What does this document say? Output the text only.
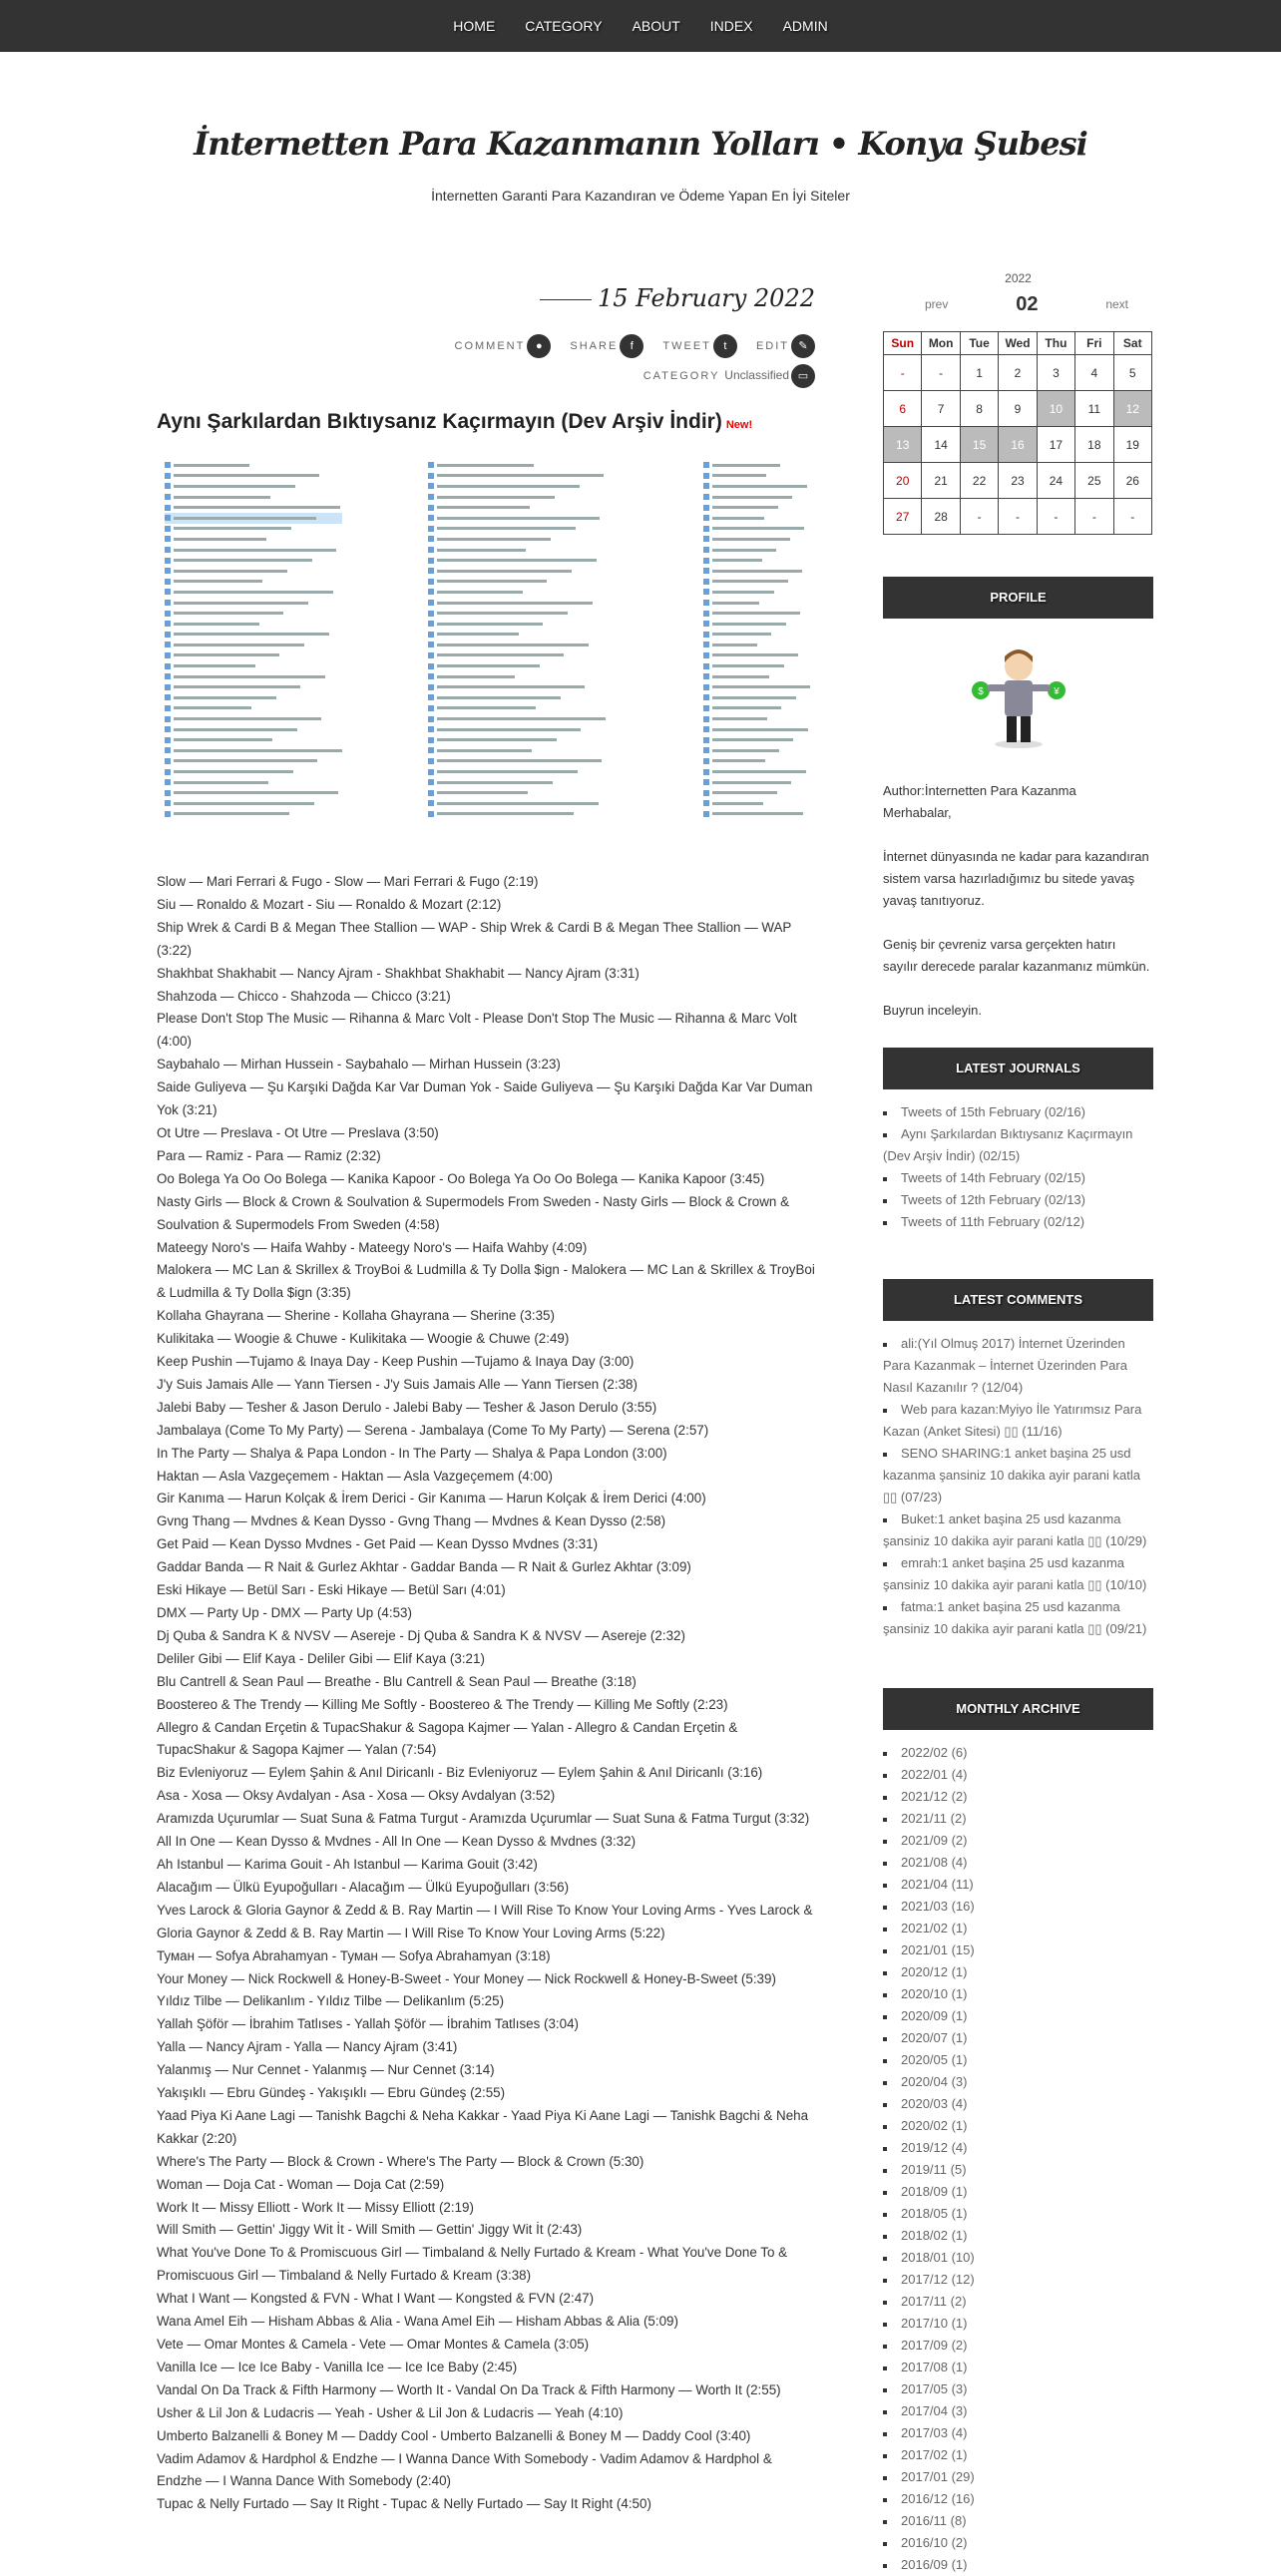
HOME CATEGORY ABOUT INDEX ADMIN
İnternetten Para Kazanmanın Yolları • Konya Şubesi
İnternetten Garanti Para Kazandıran ve Ödeme Yapan En İyi Siteler
15 February 2022
COMMENT ●	SHARE f	TWEET t	EDIT ✎
CATEGORY Unclassified ▭
Aynı Şarkılardan Bıktıysanız Kaçırmayın (Dev Arşiv İndir) New!
Slow — Mari Ferrari & Fugo - Slow — Mari Ferrari & Fugo (2:19)
Siu — Ronaldo & Mozart - Siu — Ronaldo & Mozart (2:12)
Ship Wrek & Cardi B & Megan Thee Stallion — WAP - Ship Wrek & Cardi B & Megan Thee Stallion — WAP (3:22)
Shakhbat Shakhabit — Nancy Ajram - Shakhbat Shakhabit — Nancy Ajram (3:31)
Shahzoda — Chicco - Shahzoda — Chicco (3:21)
Please Don't Stop The Music — Rihanna & Marc Volt - Please Don't Stop The Music — Rihanna & Marc Volt (4:00)
Saybahalo — Mirhan Hussein - Saybahalo — Mirhan Hussein (3:23)
Saide Guliyeva — Şu Karşıki Dağda Kar Var Duman Yok - Saide Guliyeva — Şu Karşıki Dağda Kar Var Duman Yok (3:21)
Ot Utre — Preslava - Ot Utre — Preslava (3:50)
Para — Ramiz - Para — Ramiz (2:32)
Oo Bolega Ya Oo Oo Bolega — Kanika Kapoor - Oo Bolega Ya Oo Oo Bolega — Kanika Kapoor (3:45)
Nasty Girls — Block & Crown & Soulvation & Supermodels From Sweden - Nasty Girls — Block & Crown & Soulvation & Supermodels From Sweden (4:58)
Mateegy Noro's — Haifa Wahby - Mateegy Noro's — Haifa Wahby (4:09)
Malokera — MC Lan & Skrillex & TroyBoi & Ludmilla & Ty Dolla $ign - Malokera — MC Lan & Skrillex & TroyBoi & Ludmilla & Ty Dolla $ign (3:35)
Kollaha Ghayrana — Sherine - Kollaha Ghayrana — Sherine (3:35)
Kulikitaka — Woogie & Chuwe - Kulikitaka — Woogie & Chuwe (2:49)
Keep Pushin —Tujamo & Inaya Day - Keep Pushin —Tujamo & Inaya Day (3:00)
J'y Suis Jamais Alle — Yann Tiersen - J'y Suis Jamais Alle — Yann Tiersen (2:38)
Jalebi Baby — Tesher & Jason Derulo - Jalebi Baby — Tesher & Jason Derulo (3:55)
Jambalaya (Come To My Party) — Serena - Jambalaya (Come To My Party) — Serena (2:57)
In The Party — Shalya & Papa London - In The Party — Shalya & Papa London (3:00)
Haktan — Asla Vazgeçemem - Haktan — Asla Vazgeçemem (4:00)
Gir Kanıma — Harun Kolçak & İrem Derici - Gir Kanıma — Harun Kolçak & İrem Derici (4:00)
Gvng Thang — Mvdnes & Kean Dysso - Gvng Thang — Mvdnes & Kean Dysso (2:58)
Get Paid — Kean Dysso Mvdnes - Get Paid — Kean Dysso Mvdnes (3:31)
Gaddar Banda — R Nait & Gurlez Akhtar - Gaddar Banda — R Nait & Gurlez Akhtar (3:09)
Eski Hikaye — Betül Sarı - Eski Hikaye — Betül Sarı (4:01)
DMX — Party Up - DMX — Party Up (4:53)
Dj Quba & Sandra K & NVSV — Asereje - Dj Quba & Sandra K & NVSV — Asereje (2:32)
Deliler Gibi — Elif Kaya - Deliler Gibi — Elif Kaya (3:21)
Blu Cantrell & Sean Paul — Breathe - Blu Cantrell & Sean Paul — Breathe (3:18)
Boostereo & The Trendy — Killing Me Softly - Boostereo & The Trendy — Killing Me Softly (2:23)
Allegro & Candan Erçetin & TupacShakur & Sagopa Kajmer — Yalan - Allegro & Candan Erçetin & TupacShakur & Sagopa Kajmer — Yalan (7:54)
Biz Evleniyoruz — Eylem Şahin & Anıl Diricanlı - Biz Evleniyoruz — Eylem Şahin & Anıl Diricanlı (3:16)
Asa - Xosa — Oksy Avdalyan - Asa - Xosa — Oksy Avdalyan (3:52)
Aramızda Uçurumlar — Suat Suna & Fatma Turgut - Aramızda Uçurumlar — Suat Suna & Fatma Turgut (3:32)
All In One — Kean Dysso & Mvdnes - All In One — Kean Dysso & Mvdnes (3:32)
Ah Istanbul — Karima Gouit - Ah Istanbul — Karima Gouit (3:42)
Alacağım — Ülkü Eyupoğulları - Alacağım — Ülkü Eyupoğulları (3:56)
Yves Larock & Gloria Gaynor & Zedd & B. Ray Martin — I Will Rise To Know Your Loving Arms - Yves Larock & Gloria Gaynor & Zedd & B. Ray Martin — I Will Rise To Know Your Loving Arms (5:22)
Туман — Sofya Abrahamyan - Туман — Sofya Abrahamyan (3:18)
Your Money — Nick Rockwell & Honey-B-Sweet - Your Money — Nick Rockwell & Honey-B-Sweet (5:39)
Yıldız Tilbe — Delikanlım - Yıldız Tilbe — Delikanlım (5:25)
Yallah Şöför — İbrahim Tatlıses - Yallah Şöför — İbrahim Tatlıses (3:04)
Yalla — Nancy Ajram - Yalla — Nancy Ajram (3:41)
Yalanmış — Nur Cennet - Yalanmış — Nur Cennet (3:14)
Yakışıklı — Ebru Gündeş - Yakışıklı — Ebru Gündeş (2:55)
Yaad Piya Ki Aane Lagi — Tanishk Bagchi & Neha Kakkar - Yaad Piya Ki Aane Lagi — Tanishk Bagchi & Neha Kakkar (2:20)
Where's The Party — Block & Crown - Where's The Party — Block & Crown (5:30)
Woman — Doja Cat - Woman — Doja Cat (2:59)
Work It — Missy Elliott - Work It — Missy Elliott (2:19)
Will Smith — Gettin' Jiggy Wit İt - Will Smith — Gettin' Jiggy Wit İt (2:43)
What You've Done To & Promiscuous Girl — Timbaland & Nelly Furtado & Kream - What You've Done To & Promiscuous Girl — Timbaland & Nelly Furtado & Kream (3:38)
What I Want — Kongsted & FVN - What I Want — Kongsted & FVN (2:47)
Wana Amel Eih — Hisham Abbas & Alia - Wana Amel Eih — Hisham Abbas & Alia (5:09)
Vete — Omar Montes & Camela - Vete — Omar Montes & Camela (3:05)
Vanilla Ice — Ice Ice Baby - Vanilla Ice — Ice Ice Baby (2:45)
Vandal On Da Track & Fifth Harmony — Worth It - Vandal On Da Track & Fifth Harmony — Worth It (2:55)
Usher & Lil Jon & Ludacris — Yeah - Usher & Lil Jon & Ludacris — Yeah (4:10)
Umberto Balzanelli & Boney M — Daddy Cool - Umberto Balzanelli & Boney M — Daddy Cool (3:40)
Vadim Adamov & Hardphol & Endzhe — I Wanna Dance With Somebody - Vadim Adamov & Hardphol & Endzhe — I Wanna Dance With Somebody (2:40)
Tupac & Nelly Furtado — Say It Right - Tupac & Nelly Furtado — Say It Right (4:50)
2022
prev	02	next
Sun	Mon	Tue	Wed	Thu	Fri	Sat
-	-	1	2	3	4	5
6	7	8	9	10	11	12
13	14	15	16	17	18	19
20	21	22	23	24	25	26
27	28	-	-	-	-	-
PROFILE
$	¥
Author:İnternetten Para Kazanma

Merhabalar,

İnternet dünyasında ne kadar para kazandıran sistem varsa hazırladığımız bu sitede yavaş yavaş tanıtıyoruz.

Geniş bir çevreniz varsa gerçekten hatırı sayılır derecede paralar kazanmanız mümkün.

Buyrun inceleyin.

LATEST JOURNALS
Tweets of 15th February (02/16)
Aynı Şarkılardan Bıktıysanız Kaçırmayın (Dev Arşiv İndir) (02/15)
Tweets of 14th February (02/15)
Tweets of 12th February (02/13)
Tweets of 11th February (02/12)
LATEST COMMENTS
ali:(Yıl Olmuş 2017) İnternet Üzerinden Para Kazanmak – İnternet Üzerinden Para Nasıl Kazanılır ? (12/04)
Web para kazan:Myiyo İle Yatırımsız Para Kazan (Anket Sitesi) ▯▯ (11/16)
SENO SHARING:1 anket başina 25 usd kazanma şansiniz 10 dakika ayir parani katla ▯▯ (07/23)
Buket:1 anket başina 25 usd kazanma şansiniz 10 dakika ayir parani katla ▯▯ (10/29)
emrah:1 anket başina 25 usd kazanma şansiniz 10 dakika ayir parani katla ▯▯ (10/10)
fatma:1 anket başina 25 usd kazanma şansiniz 10 dakika ayir parani katla ▯▯ (09/21)
MONTHLY ARCHIVE
2022/02 (6)
2022/01 (4)
2021/12 (2)
2021/11 (2)
2021/09 (2)
2021/08 (4)
2021/04 (11)
2021/03 (16)
2021/02 (1)
2021/01 (15)
2020/12 (1)
2020/10 (1)
2020/09 (1)
2020/07 (1)
2020/05 (1)
2020/04 (3)
2020/03 (4)
2020/02 (1)
2019/12 (4)
2019/11 (5)
2018/09 (1)
2018/05 (1)
2018/02 (1)
2018/01 (10)
2017/12 (12)
2017/11 (2)
2017/10 (1)
2017/09 (2)
2017/08 (1)
2017/05 (3)
2017/04 (3)
2017/03 (4)
2017/02 (1)
2017/01 (29)
2016/12 (16)
2016/11 (8)
2016/10 (2)
2016/09 (1)
